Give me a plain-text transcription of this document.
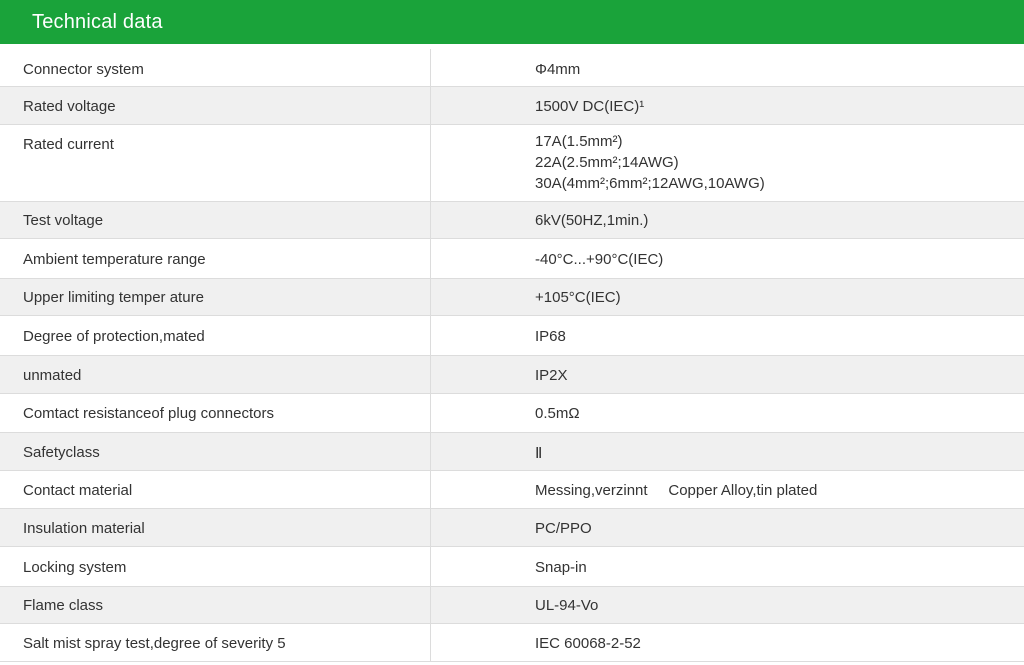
Technical data
Connector system	Φ4mm
Rated voltage	1500V DC(IEC)¹
Rated current	17A(1.5mm²)
22A(2.5mm²;14AWG)
30A(4mm²;6mm²;12AWG,10AWG)
Test voltage	6kV(50HZ,1min.)
Ambient temperature range	-40°C...+90°C(IEC)
Upper limiting temper ature	+105°C(IEC)
Degree of protection,mated	IP68
unmated	IP2X
Comtact resistanceof plug connectors	0.5mΩ
Safetyclass	Ⅱ
Contact material	Messing,verzinnt     Copper Alloy,tin plated
Insulation material	PC/PPO
Locking system	Snap-in
Flame class	UL-94-Vo
Salt mist spray test,degree of severity 5	IEC 60068-2-52
